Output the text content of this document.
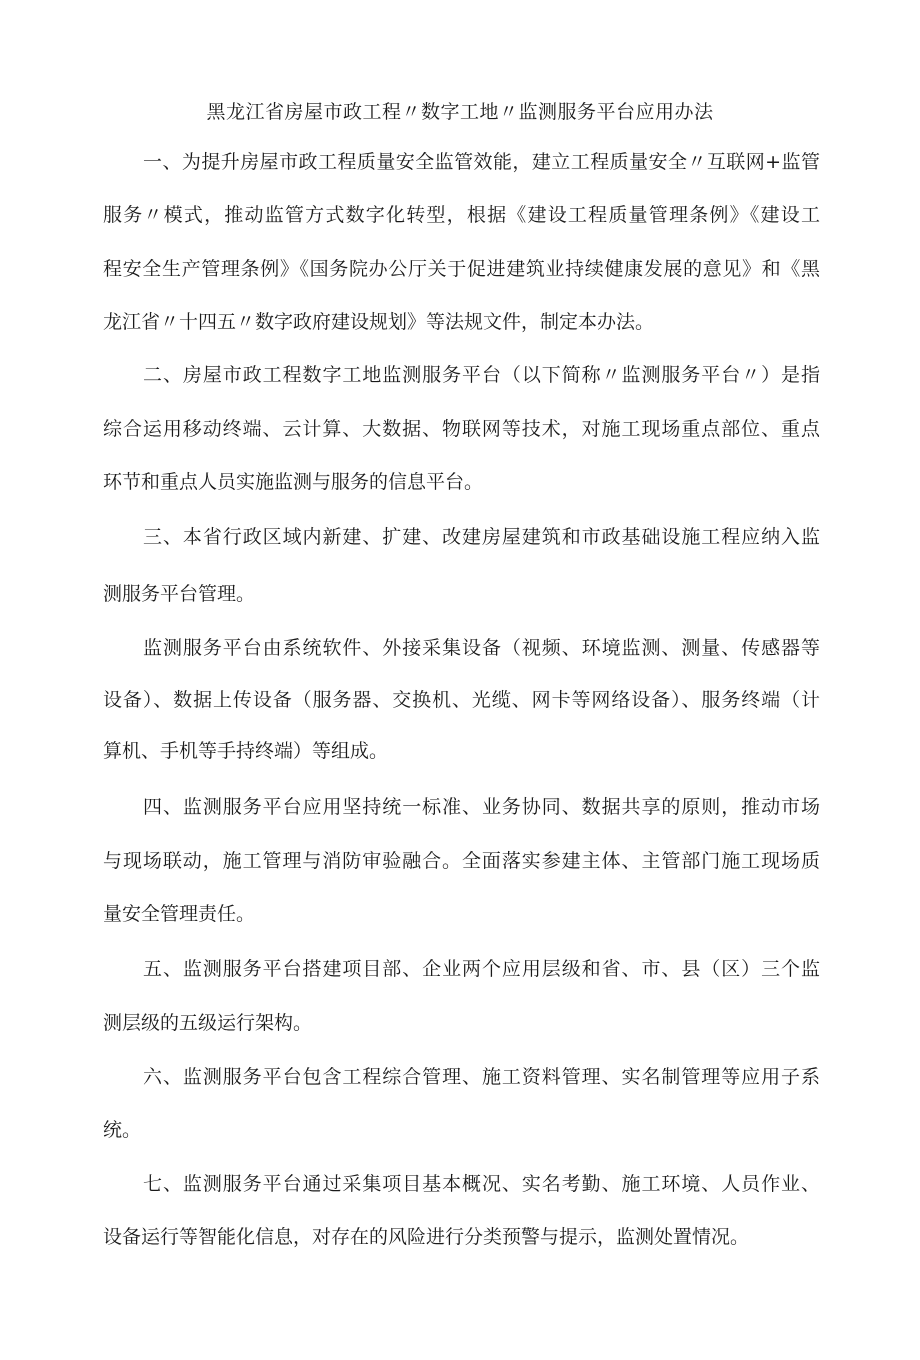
黑龙江省房屋市政工程〃数字工地〃监测服务平台应用办法
一、为提升房屋市政工程质量安全监管效能，建立工程质量安全〃互联网+监管
服务〃模式，推动监管方式数字化转型，根据《建设工程质量管理条例》《建设工
程安全生产管理条例》《国务院办公厅关于促进建筑业持续健康发展的意见》和《黑
龙江省〃十四五〃数字政府建设规划》等法规文件，制定本办法。
二、房屋市政工程数字工地监测服务平台（以下简称〃监测服务平台〃）是指
综合运用移动终端、云计算、大数据、物联网等技术，对施工现场重点部位、重点
环节和重点人员实施监测与服务的信息平台。
三、本省行政区域内新建、扩建、改建房屋建筑和市政基础设施工程应纳入监
测服务平台管理。
监测服务平台由系统软件、外接采集设备（视频、环境监测、测量、传感器等
设备）、数据上传设备（服务器、交换机、光缆、网卡等网络设备）、服务终端（计
算机、手机等手持终端）等组成。
四、监测服务平台应用坚持统一标准、业务协同、数据共享的原则，推动市场
与现场联动，施工管理与消防审验融合。全面落实参建主体、主管部门施工现场质
量安全管理责任。
五、监测服务平台搭建项目部、企业两个应用层级和省、市、县（区）三个监
测层级的五级运行架构。
六、监测服务平台包含工程综合管理、施工资料管理、实名制管理等应用子系
统。
七、监测服务平台通过采集项目基本概况、实名考勤、施工环境、人员作业、
设备运行等智能化信息，对存在的风险进行分类预警与提示，监测处置情况。
